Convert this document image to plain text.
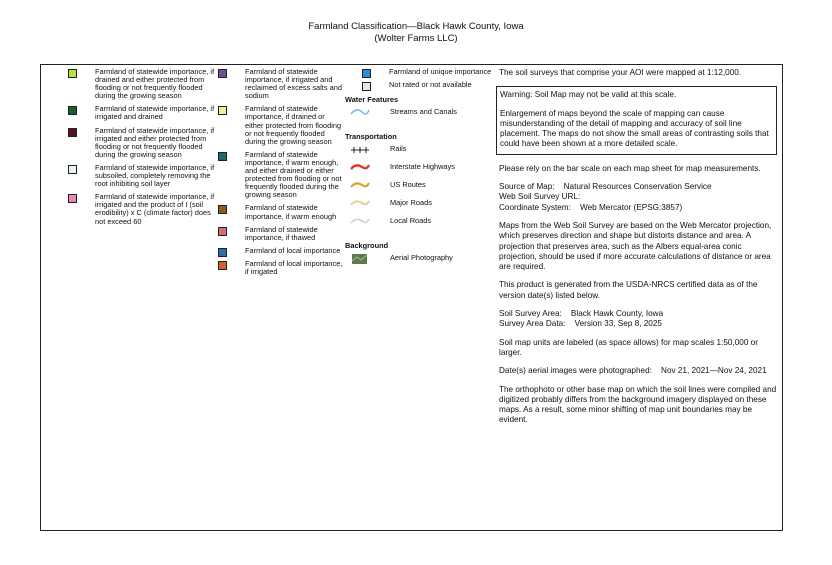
Farmland Classification—Black Hawk County, Iowa
(Wolter Farms LLC)
Farmland of statewide importance, if drained and either protected from flooding or not frequently flooded during the growing season
Farmland of statewide importance, if irrigated and drained
Farmland of statewide importance, if irrigated and either protected from flooding or not frequently flooded during the growing season
Farmland of statewide importance, if subsoiled, completely removing the root inhibiting soil layer
Farmland of statewide importance, if irrigated and the product of I (soil erodibility) x C (climate factor) does not exceed 60
Farmland of statewide importance, if irrigated and reclaimed of excess salts and sodium
Farmland of statewide importance, if drained or either protected from flooding or not frequently flooded during the growing season
Farmland of statewide importance, if warm enough, and either drained or either protected from flooding or not frequently flooded during the growing season
Farmland of statewide importance, if warm enough
Farmland of statewide importance, if thawed
Farmland of local importance
Farmland of local importance, if irrigated
Farmland of unique importance
Not rated or not available
Water Features
Streams and Canals
Transportation
Rails
Interstate Highways
US Routes
Major Roads
Local Roads
Background
Aerial Photography

The soil surveys that comprise your AOI were mapped at 1:12,000.

Warning: Soil Map may not be valid at this scale.

Enlargement of maps beyond the scale of mapping can cause misunderstanding of the detail of mapping and accuracy of soil line placement. The maps do not show the small areas of contrasting soils that could have been shown at a more detailed scale.

Please rely on the bar scale on each map sheet for map measurements.

Source of Map: Natural Resources Conservation Service
Web Soil Survey URL:
Coordinate System: Web Mercator (EPSG:3857)

Maps from the Web Soil Survey are based on the Web Mercator projection, which preserves direction and shape but distorts distance and area. A projection that preserves area, such as the Albers equal-area conic projection, should be used if more accurate calculations of distance or area are required.

This product is generated from the USDA-NRCS certified data as of the version date(s) listed below.

Soil Survey Area: Black Hawk County, Iowa
Survey Area Data: Version 33, Sep 8, 2025

Soil map units are labeled (as space allows) for map scales 1:50,000 or larger.

Date(s) aerial images were photographed: Nov 21, 2021—Nov 24, 2021

The orthophoto or other base map on which the soil lines were compiled and digitized probably differs from the background imagery displayed on these maps. As a result, some minor shifting of map unit boundaries may be evident.
